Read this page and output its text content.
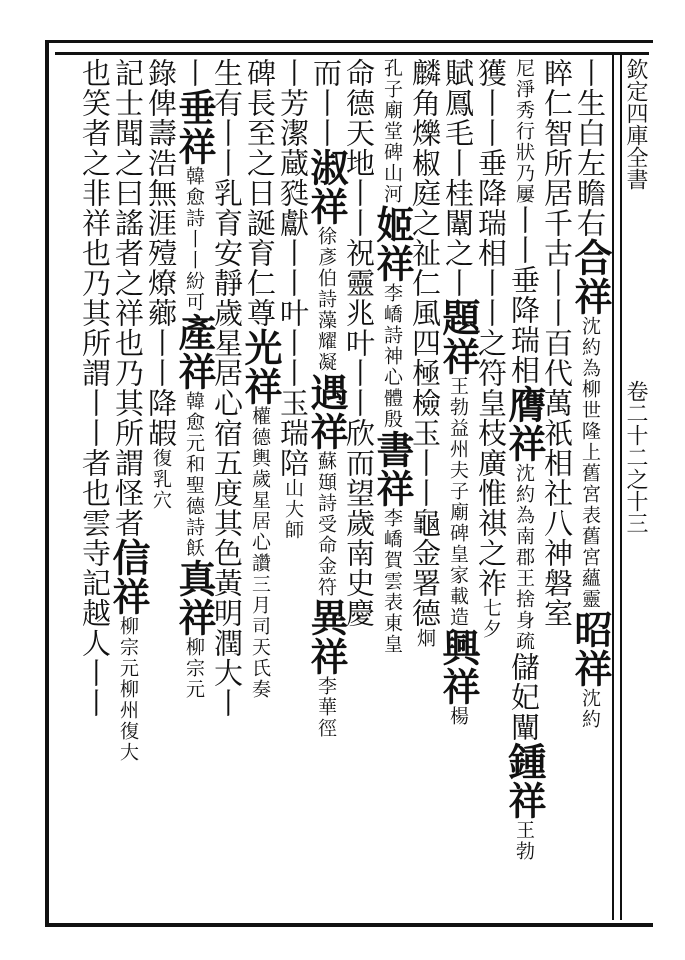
欽定四庫全書
卷二十二之十三
丨生白左瞻右合祥沈約為柳世隆上舊宮表舊宮蘊靈昭祥沈約
睟仁智所居千古丨丨百代萬祇相社八神磐室
尼淨秀行狀乃屢丨丨垂降瑞相膺祥沈約為南郡王捨身疏儲妃闡鍾祥王勃
獲丨丨垂降瑞相丨丨之符皇枝廣惟祺之祚七夕
賦鳳毛丨桂闈之丨題祥王勃益州夫子廟碑皇家載造興祥楊
麟角爍椒庭之祉仁風四極檢玉丨丨龜金署德炯
孔子廟堂碑山河姬祥李嶠詩神心體殷書祥李嶠賀雲表東皇
命德天地丨丨祝靈兆叶丨丨欣而望歲南史慶
而丨丨淑祥徐彥伯詩藻耀凝遇祥蘇頲詩受命金符異祥李華徑
丨芳潔蔵甤獻丨丨叶丨丨玉瑞陪山大師
碑長至之日誕育仁尊光祥權德輿歲星居心讚三月司天氏奏
生有丨丨乳育安靜歲星居心宿五度其色黃明潤大丨
丨垂祥韓愈詩丨丨紛可產祥韓愈元和聖德詩飫真祥柳宗元
錄俾壽浩無涯殪燎薌丨丨降嘏復乳穴
記士聞之曰謠者之祥也乃其所謂怪者信祥柳宗元柳州復大
也笑者之非祥也乃其所謂丨丨者也雲寺記越人丨丨
